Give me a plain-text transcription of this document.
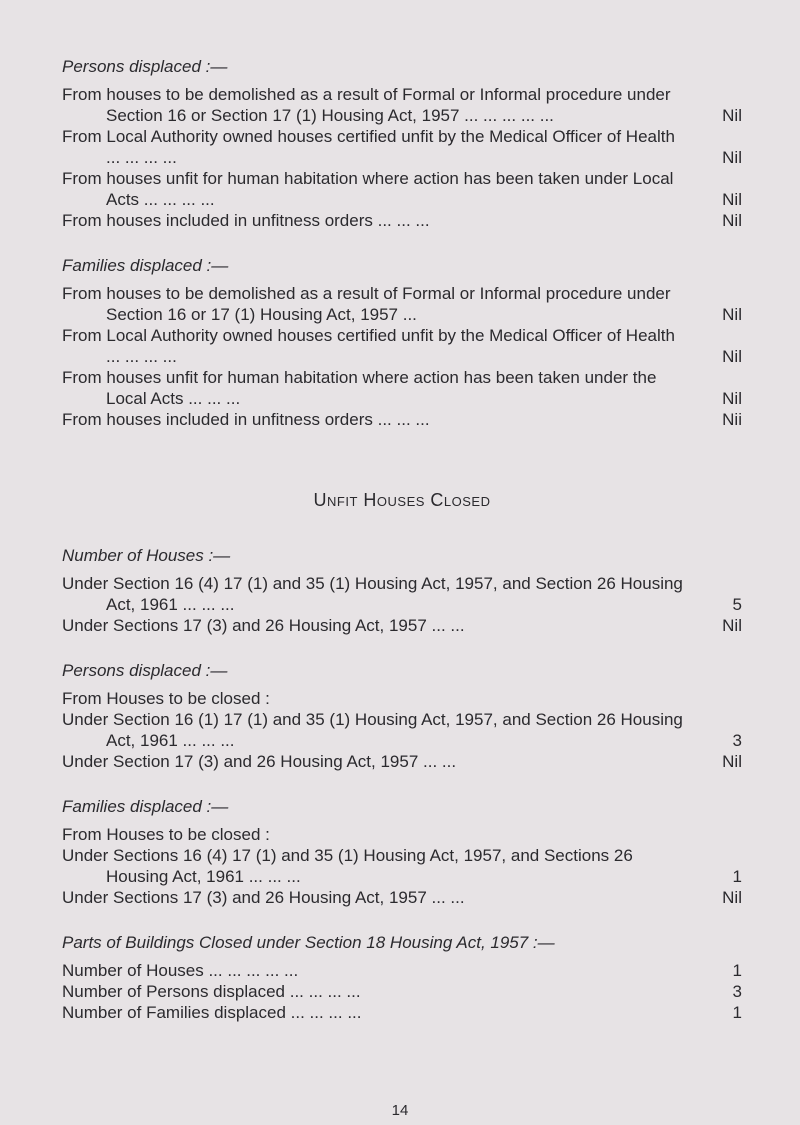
Persons displaced :—

From houses to be demolished as a result of Formal or Informal procedure under Section 16 or Section 17 (1) Housing Act, 1957 ... ... ... ... ...	Nil
From Local Authority owned houses certified unfit by the Medical Officer of Health ... ... ... ...	Nil
From houses unfit for human habitation where action has been taken under Local Acts ... ... ... ...	Nil
From houses included in unfitness orders ... ... ...	Nil

Families displaced :—

From houses to be demolished as a result of Formal or Informal procedure under Section 16 or 17 (1) Housing Act, 1957 ...	Nil
From Local Authority owned houses certified unfit by the Medical Officer of Health ... ... ... ...	Nil
From houses unfit for human habitation where action has been taken under the Local Acts ... ... ...	Nil
From houses included in unfitness orders ... ... ...	Nii
Unfit Houses Closed

Number of Houses :—

Under Section 16 (4) 17 (1) and 35 (1) Housing Act, 1957, and Section 26 Housing Act, 1961 ... ... ...	5
Under Sections 17 (3) and 26 Housing Act, 1957 ... ...	Nil

Persons displaced :—

From Houses to be closed :

Under Section 16 (1) 17 (1) and 35 (1) Housing Act, 1957, and Section 26 Housing Act, 1961 ... ... ...	3
Under Section 17 (3) and 26 Housing Act, 1957 ... ...	Nil

Families displaced :—

From Houses to be closed :

Under Sections 16 (4) 17 (1) and 35 (1) Housing Act, 1957, and Sections 26 Housing Act, 1961 ... ... ...	1
Under Sections 17 (3) and 26 Housing Act, 1957 ... ...	Nil

Parts of Buildings Closed under Section 18 Housing Act, 1957 :—

Number of Houses ... ... ... ... ...	1
Number of Persons displaced ... ... ... ...	3
Number of Families displaced ... ... ... ...	1
14
